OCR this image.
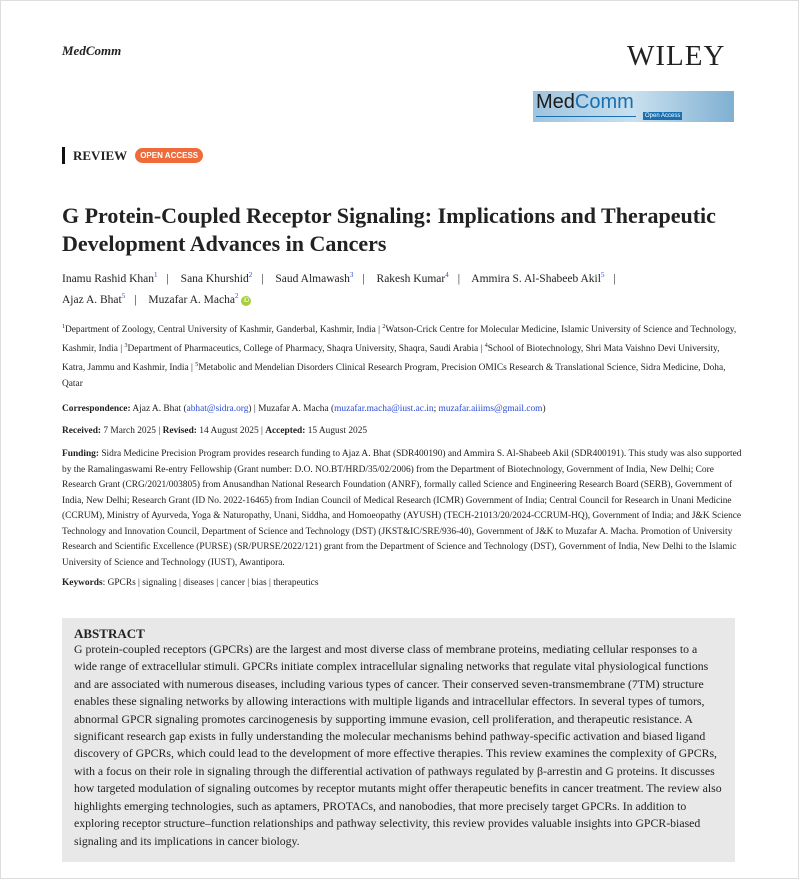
MedComm	WILEY
MedComm
Open Access
REVIEW	OPEN ACCESS
G Protein-Coupled Receptor Signaling: Implications and Therapeutic Development Advances in Cancers
Inamu Rashid Khan$^1$ | Sana Khurshid$^2$ | Saud Almawash$^3$ | Rakesh Kumar$^4$ | Ammira S. Al-Shabeeb Akil$^5$ |
Ajaz A. Bhat$^5$ | Muzafar A. Macha$^2$ iD
$^1$Department of Zoology, Central University of Kashmir, Ganderbal, Kashmir, India | $^2$Watson-Crick Centre for Molecular Medicine, Islamic University of Science and Technology, Kashmir, India | $^3$Department of Pharmaceutics, College of Pharmacy, Shaqra University, Shaqra, Saudi Arabia | $^4$School of Biotechnology, Shri Mata Vaishno Devi University, Katra, Jammu and Kashmir, India | $^5$Metabolic and Mendelian Disorders Clinical Research Program, Precision OMICs Research & Translational Science, Sidra Medicine, Doha, Qatar
Correspondence: Ajaz A. Bhat (abhat@sidra.org) | Muzafar A. Macha (muzafar.macha@iust.ac.in; muzafar.aiiims@gmail.com)
Received: 7 March 2025 | Revised: 14 August 2025 | Accepted: 15 August 2025
Funding: Sidra Medicine Precision Program provides research funding to Ajaz A. Bhat (SDR400190) and Ammira S. Al-Shabeeb Akil (SDR400191). This study was also supported by the Ramalingaswami Re-entry Fellowship (Grant number: D.O. NO.BT/HRD/35/02/2006) from the Department of Biotechnology, Government of India, New Delhi; Core Research Grant (CRG/2021/003805) from Anusandhan National Research Foundation (ANRF), formally called Science and Engineering Research Board (SERB), Government of India, New Delhi; Research Grant (ID No. 2022-16465) from Indian Council of Medical Research (ICMR) Government of India; Central Council for Research in Unani Medicine (CCRUM), Ministry of Ayurveda, Yoga & Naturopathy, Unani, Siddha, and Homoeopathy (AYUSH) (TECH-21013/20/2024-CCRUM-HQ), Government of India; and J&K Science Technology and Innovation Council, Department of Science and Technology (DST) (JKST&IC/SRE/936-40), Government of J&K to Muzafar A. Macha. Promotion of University Research and Scientific Excellence (PURSE) (SR/PURSE/2022/121) grant from the Department of Science and Technology (DST), Government of India, New Delhi to the Islamic University of Science and Technology (IUST), Awantipora.
Keywords: GPCRs | signaling | diseases | cancer | bias | therapeutics
ABSTRACT

G protein-coupled receptors (GPCRs) are the largest and most diverse class of membrane proteins, mediating cellular responses to a wide range of extracellular stimuli. GPCRs initiate complex intracellular signaling networks that regulate vital physiological functions and are associated with numerous diseases, including various types of cancer. Their conserved seven-transmembrane (7TM) structure enables these signaling networks by allowing interactions with multiple ligands and intracellular effectors. In several types of tumors, abnormal GPCR signaling promotes carcinogenesis by supporting immune evasion, cell proliferation, and therapeutic resistance. A significant research gap exists in fully understanding the molecular mechanisms behind pathway-specific activation and biased ligand discovery of GPCRs, which could lead to the development of more effective therapies. This review examines the complexity of GPCRs, with a focus on their role in signaling through the differential activation of pathways regulated by β-arrestin and G proteins. It discusses how targeted modulation of signaling outcomes by receptor mutants might offer therapeutic benefits in cancer treatment. The review also highlights emerging technologies, such as aptamers, PROTACs, and nanobodies, that more precisely target GPCRs. In addition to exploring receptor structure–function relationships and pathway selectivity, this review provides valuable insights into GPCR-biased signaling and its implications in cancer biology.
